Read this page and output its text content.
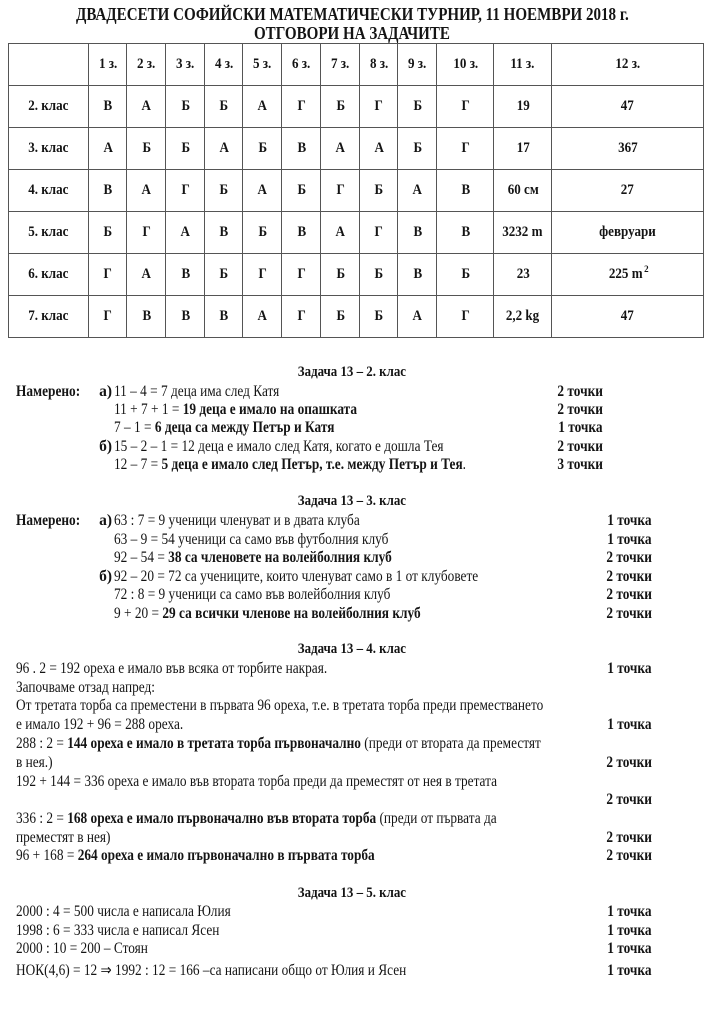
ДВАДЕСЕТИ СОФИЙСКИ МАТЕМАТИЧЕСКИ ТУРНИР, 11 НОЕМВРИ 2018 г.
ОТГОВОРИ НА ЗАДАЧИТЕ
	1 з.	2 з.	3 з.	4 з.	5 з.	6 з.	7 з.	8 з.	9 з.	10 з.	11 з.	12 з.
2. клас	В	А	Б	Б	А	Г	Б	Г	Б	Г	19	47
3. клас	А	Б	Б	А	Б	В	А	А	Б	Г	17	367
4. клас	В	А	Г	Б	А	Б	Г	Б	А	В	60 см	27
5. клас	Б	Г	А	В	Б	В	А	Г	В	В	3232 m	февруари
6. клас	Г	А	В	Б	Г	Г	Б	Б	В	Б	23	225 m $^2$
7. клас	Г	В	В	В	А	Г	Б	Б	А	Г	2,2 kg	47
Задача 13 – 2. клас
Намерено:	а) 11 – 4 = 7 деца има след Катя	2 точки
11 + 7 + 1 = 19 деца е имало на опашката	2 точки
7 – 1 = 6 деца са между Петър и Катя	1 точка
б) 15 – 2 – 1 = 12 деца е имало след Катя, когато е дошла Тея	2 точки
12 – 7 = 5 деца е имало след Петър, т.е. между Петър и Тея.	3 точки
Задача 13 – 3. клас
Намерено:	а) 63 : 7 = 9 ученици членуват и в двата клуба	1 точка
63 – 9 = 54 ученици са само във футболния клуб	1 точка
92 – 54 = 38 са членовете на волейболния клуб	2 точки
б) 92 – 20 = 72 са учениците, които членуват само в 1 от клубовете	2 точки
72 : 8 = 9 ученици са само във волейболния клуб	2 точки
9 + 20 = 29 са всички членове на волейболния клуб	2 точки
Задача 13 – 4. клас
96 . 2 = 192 ореха е имало във всяка от торбите накрая.	1 точка
Започваме отзад напред:
От третата торба са преместени в първата 96 ореха, т.е. в третата торба преди преместването
е имало 192 + 96 = 288 ореха.	1 точка
288 : 2 = 144 ореха е имало в третата торба първоначално (преди от втората да преместят
в нея.)	2 точки
192 + 144 = 336 ореха е имало във втората торба преди да преместят от нея в третата
2 точки
336 : 2 = 168 ореха е имало първоначално във втората торба (преди от първата да
преместят в нея)	2 точки
96 + 168 = 264 ореха е имало първоначално в първата торба	2 точки
Задача 13 – 5. клас
2000 : 4 = 500 числа е написала Юлия	1 точка
1998 : 6 = 333 числа е написал Ясен	1 точка
2000 : 10 = 200 – Стоян	1 точка
НОК(4,6) = 12 ⇒ 1992 : 12 = 166 –са написани общо от Юлия и Ясен	1 точка
